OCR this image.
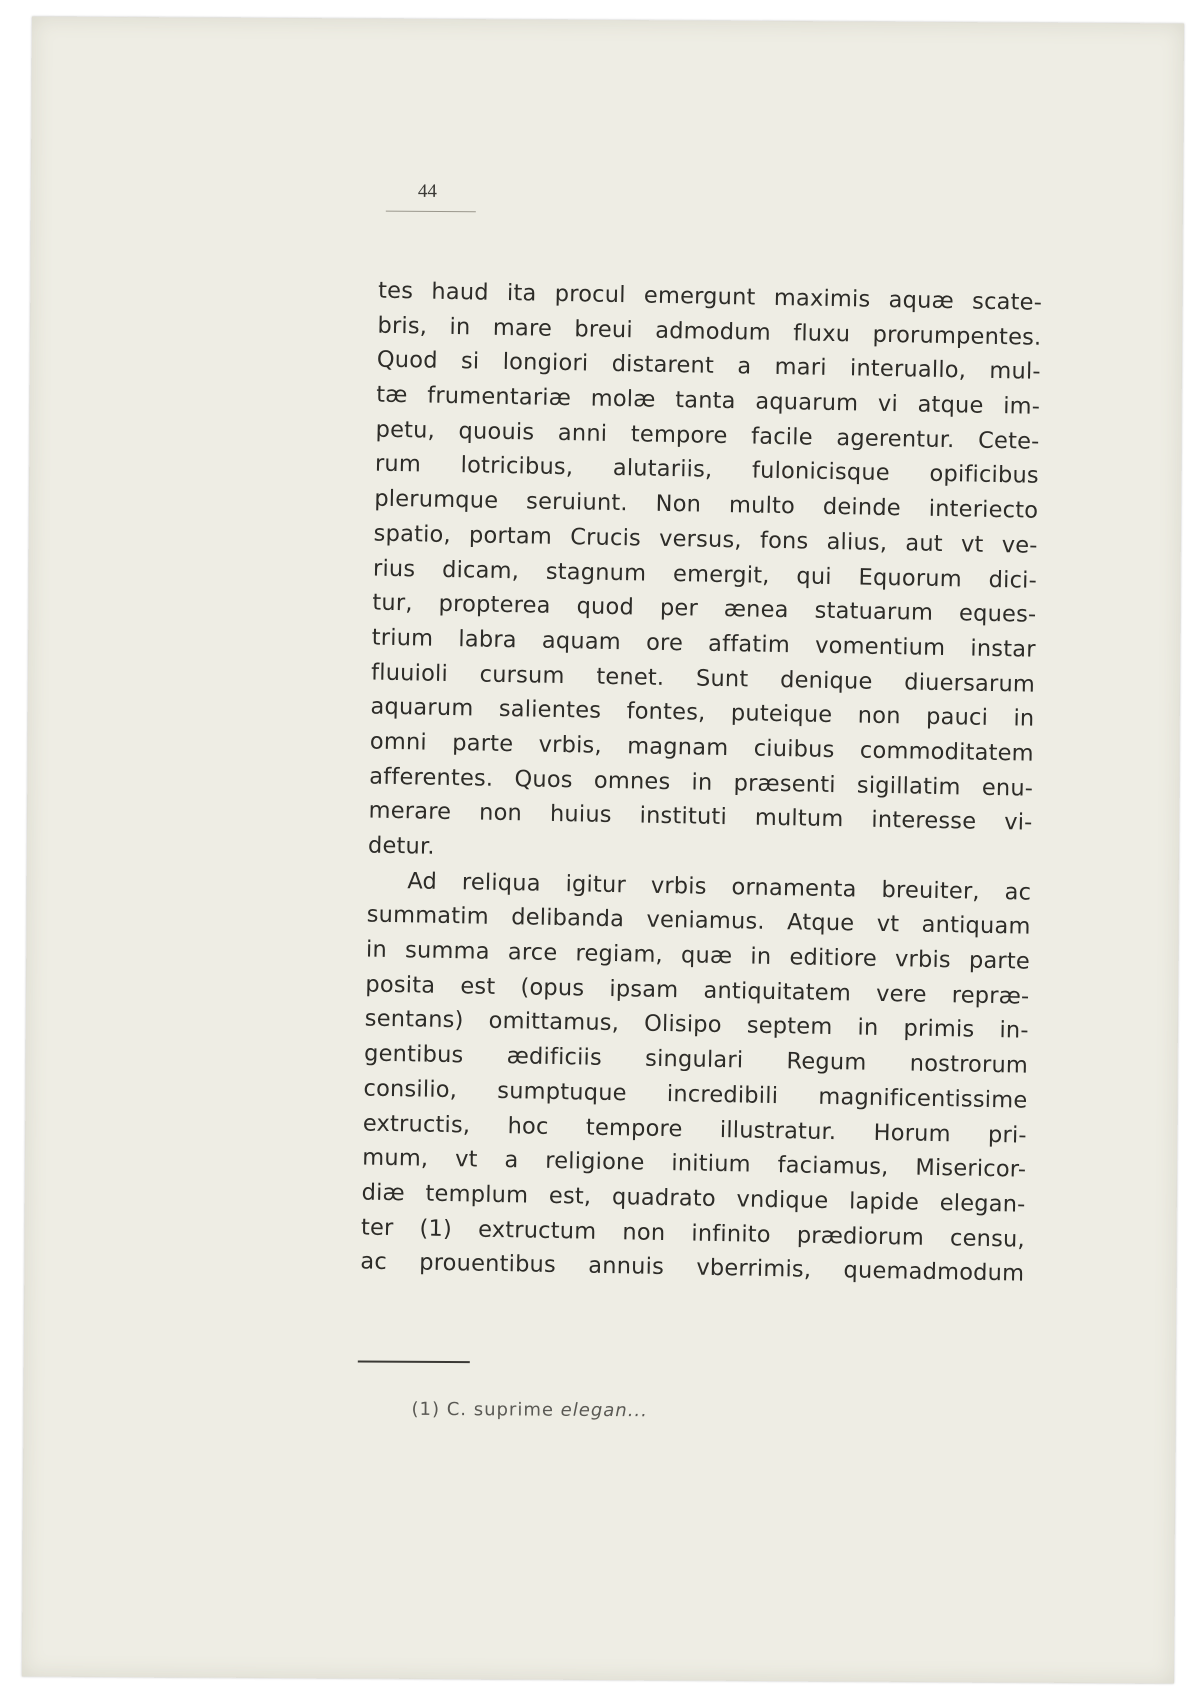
44
tes haud ita procul emergunt maximis aquæ scate-
bris, in mare breui admodum fluxu prorumpentes.
Quod si longiori distarent a mari interuallo, mul-
tæ frumentariæ molæ tanta aquarum vi atque im-
petu, quouis anni tempore facile agerentur. Cete-
rum lotricibus, alutariis, fulonicisque opificibus
plerumque seruiunt. Non multo deinde interiecto
spatio, portam Crucis versus, fons alius, aut vt ve-
rius dicam, stagnum emergit, qui Equorum dici-
tur, propterea quod per ænea statuarum eques-
trium labra aquam ore affatim vomentium instar
fluuioli cursum tenet. Sunt denique diuersarum
aquarum salientes fontes, puteique non pauci in
omni parte vrbis, magnam ciuibus commoditatem
afferentes. Quos omnes in præsenti sigillatim enu-
merare non huius instituti multum interesse vi-
detur.
Ad reliqua igitur vrbis ornamenta breuiter, ac
summatim delibanda veniamus. Atque vt antiquam
in summa arce regiam, quæ in editiore vrbis parte
posita est (opus ipsam antiquitatem vere repræ-
sentans) omittamus, Olisipo septem in primis in-
gentibus ædificiis singulari Regum nostrorum
consilio, sumptuque incredibili magnificentissime
extructis, hoc tempore illustratur. Horum pri-
mum, vt a religione initium faciamus, Misericor-
diæ templum est, quadrato vndique lapide elegan-
ter (1) extructum non infinito prædiorum censu,
ac prouentibus annuis vberrimis, quemadmodum
(1) C. suprime elegan...
